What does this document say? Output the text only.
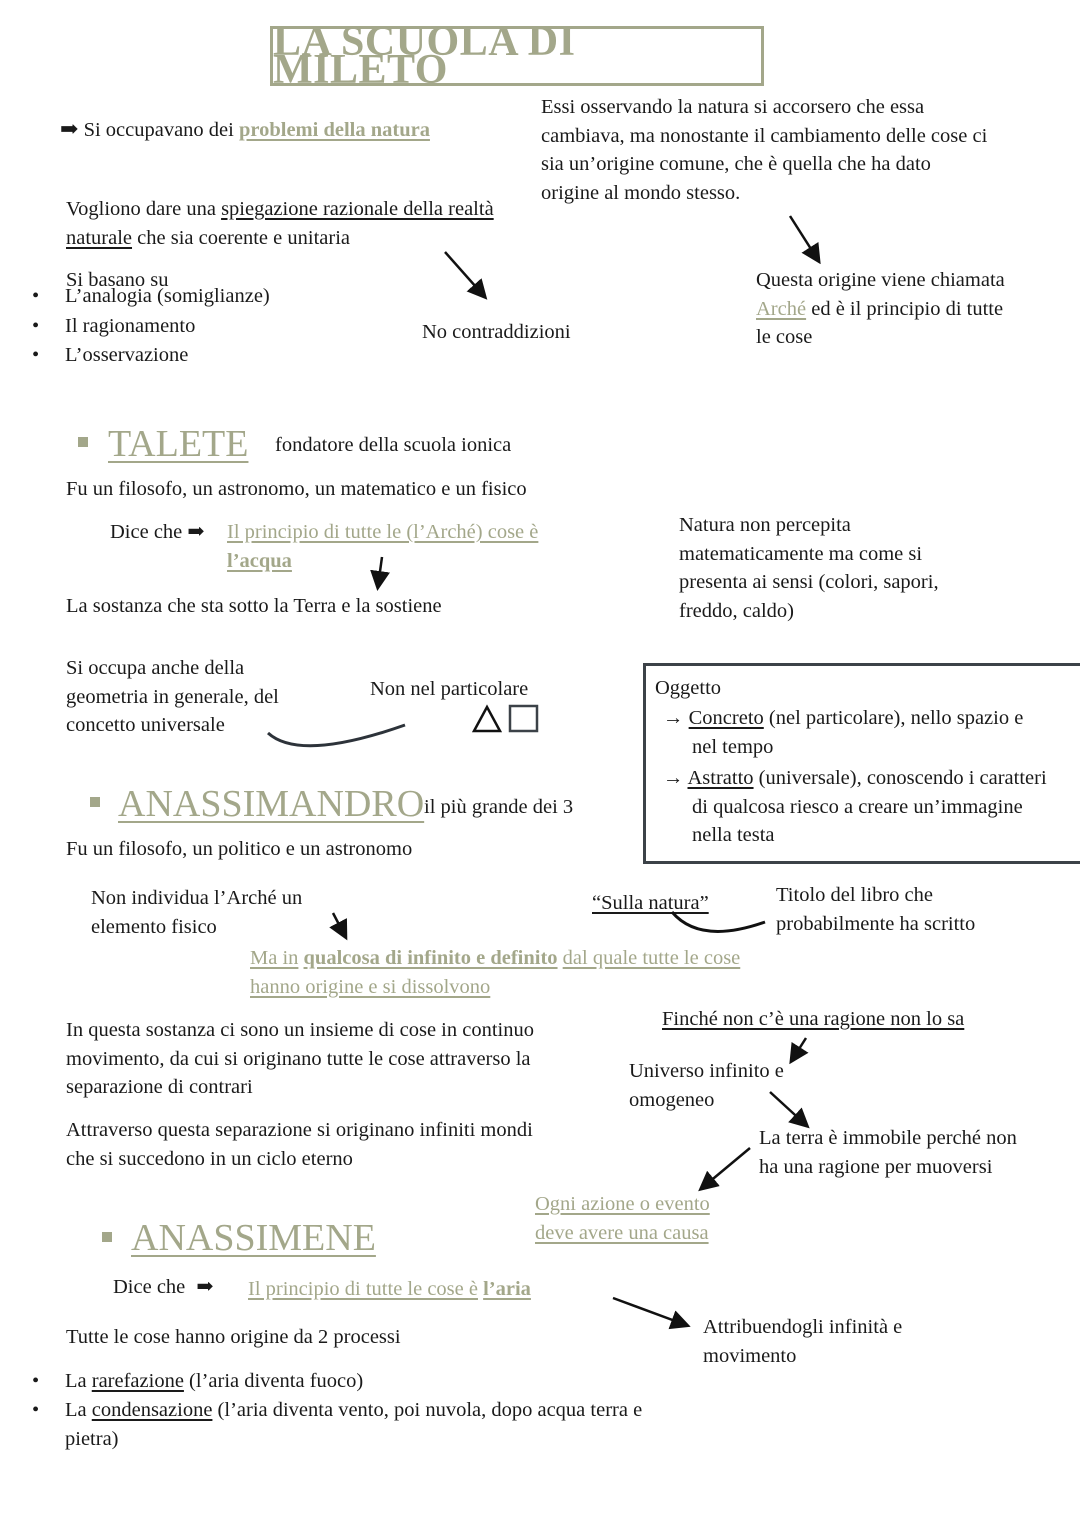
LA SCUOLA DI MILETO
➡ Si occupavano dei problemi della natura
Essi osservando la natura si accorsero che essa cambiava, ma nonostante il cambiamento delle cose ci sia un’origine comune, che è quella che ha dato origine al mondo stesso.
Vogliono dare una spiegazione razionale della realtà naturale che sia coerente e unitaria
Si basano su
• L’analogia (somiglianze)
• Il ragionamento
• L’osservazione
No contraddizioni
Questa origine viene chiamata Arché ed è il principio di tutte le cose
TALETE fondatore della scuola ionica
Fu un filosofo, un astronomo, un matematico e un fisico
Dice che ➡ Il principio di tutte le (l’Arché) cose è l’acqua
La sostanza che sta sotto la Terra e la sostiene
Natura non percepita matematicamente ma come si presenta ai sensi (colori, sapori, freddo, caldo)
Si occupa anche della geometria in generale, del concetto universale
Non nel particolare	Oggetto
→ Concreto (nel particolare), nello spazio e nel tempo
→ Astratto (universale), conoscendo i caratteri di qualcosa riesco a creare un’immagine nella testa
ANASSIMANDRO il più grande dei 3
Fu un filosofo, un politico e un astronomo
Non individua l’Arché un elemento fisico
Ma in qualcosa di infinito e definito dal quale tutte le cose hanno origine e si dissolvono
“Sulla natura”	Titolo del libro che probabilmente ha scritto
In questa sostanza ci sono un insieme di cose in continuo movimento, da cui si originano tutte le cose attraverso la separazione di contrari
Attraverso questa separazione si originano infiniti mondi che si succedono in un ciclo eterno
Finché non c’è una ragione non lo sa
Universo infinito e omogeneo
La terra è immobile perché non ha una ragione per muoversi
Ogni azione o evento deve avere una causa
ANASSIMENE
Dice che ➡ Il principio di tutte le cose è l’aria
Attribuendogli infinità e movimento
Tutte le cose hanno origine da 2 processi
• La rarefazione (l’aria diventa fuoco)
• La condensazione (l’aria diventa vento, poi nuvola, dopo acqua terra e pietra)
